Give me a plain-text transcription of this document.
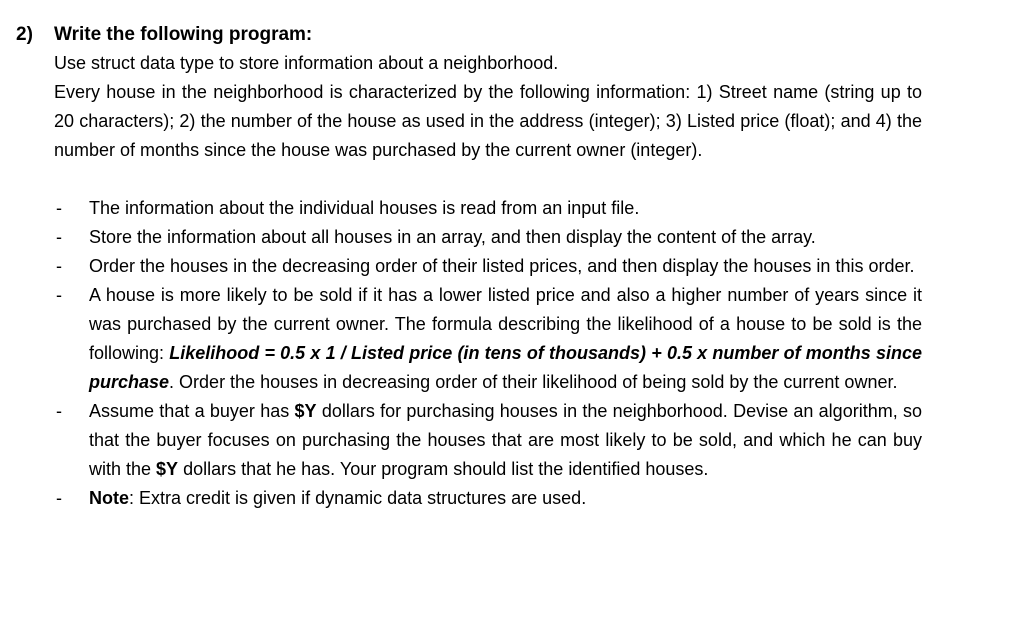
2) Write the following program:
Use struct data type to store information about a neighborhood.
Every house in the neighborhood is characterized by the following information: 1) Street name (string up to 20 characters); 2) the number of the house as used in the address (integer); 3) Listed price (float); and 4) the number of months since the house was purchased by the current owner (integer).
- The information about the individual houses is read from an input file.
- Store the information about all houses in an array, and then display the content of the array.
- Order the houses in the decreasing order of their listed prices, and then display the houses in this order.
- A house is more likely to be sold if it has a lower listed price and also a higher number of years since it was purchased by the current owner. The formula describing the likelihood of a house to be sold is the following: Likelihood = 0.5 x 1 / Listed price (in tens of thousands) + 0.5 x number of months since purchase. Order the houses in decreasing order of their likelihood of being sold by the current owner.
- Assume that a buyer has $Y dollars for purchasing houses in the neighborhood. Devise an algorithm, so that the buyer focuses on purchasing the houses that are most likely to be sold, and which he can buy with the $Y dollars that he has. Your program should list the identified houses.
- Note: Extra credit is given if dynamic data structures are used.
